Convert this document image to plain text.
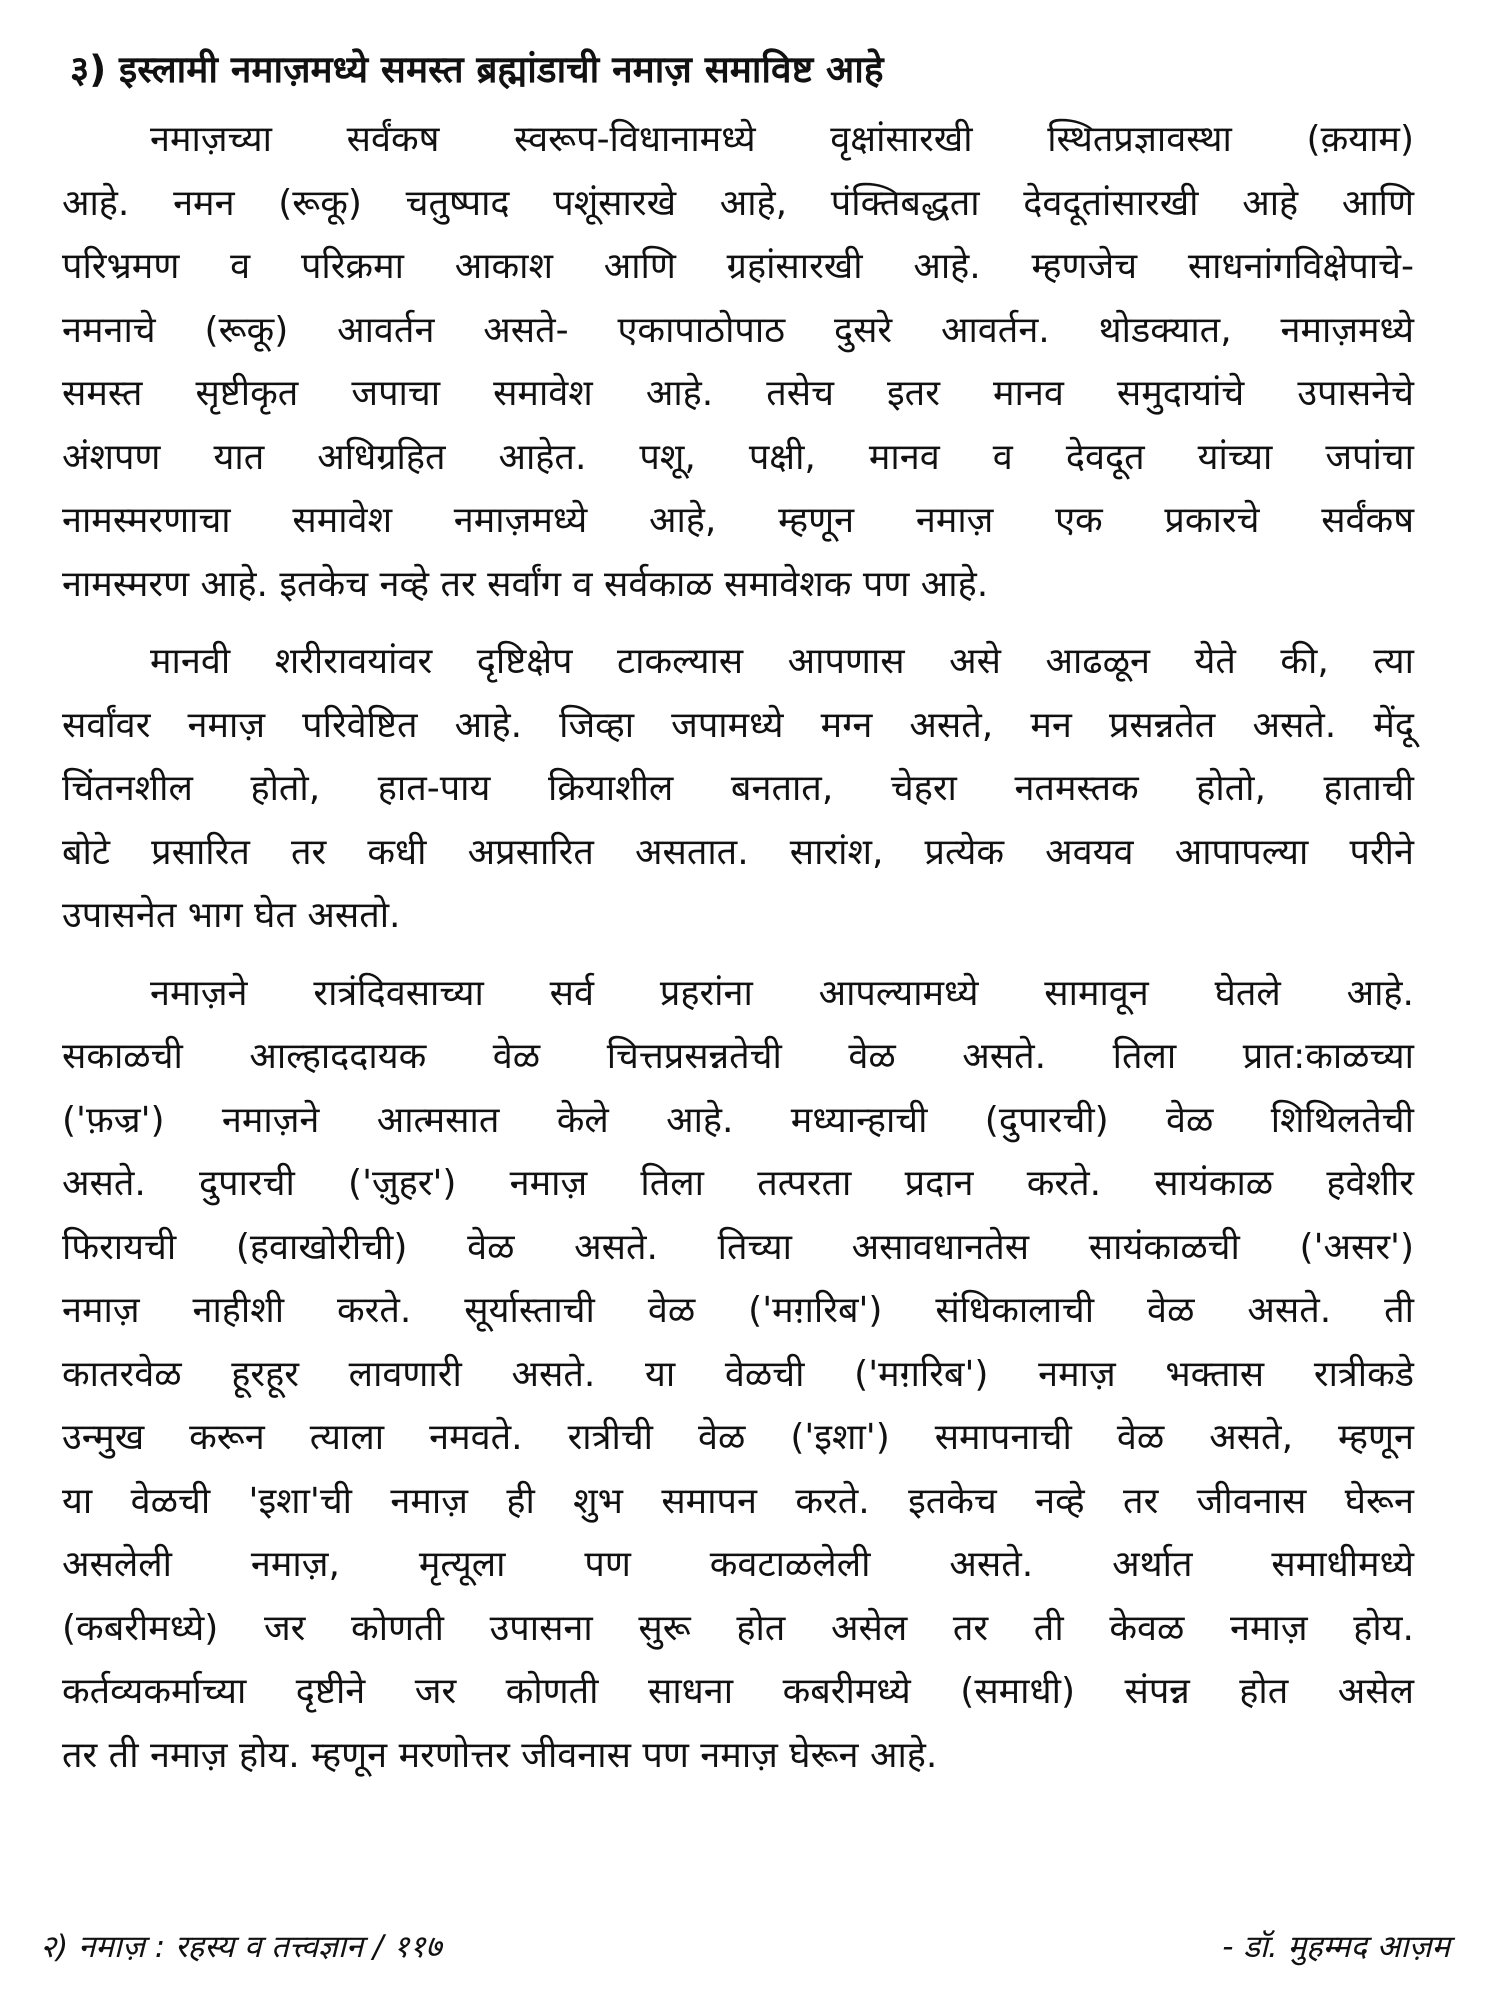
३) इस्लामी नमाज़मध्ये समस्त ब्रह्मांडाची नमाज़ समाविष्ट आहे
नमाज़च्या सर्वंकष स्वरूप-विधानामध्ये वृक्षांसारखी स्थितप्रज्ञावस्था (क़याम)
आहे. नमन (रूकू) चतुष्पाद पशूंसारखे आहे, पंक्तिबद्धता देवदूतांसारखी आहे आणि
परिभ्रमण व परिक्रमा आकाश आणि ग्रहांसारखी आहे. म्हणजेच साधनांगविक्षेपाचे-
नमनाचे (रूकू) आवर्तन असते- एकापाठोपाठ दुसरे आवर्तन. थोडक्यात, नमाज़मध्ये
समस्त सृष्टीकृत जपाचा समावेश आहे. तसेच इतर मानव समुदायांचे उपासनेचे
अंशपण यात अधिग्रहित आहेत. पशू, पक्षी, मानव व देवदूत यांच्या जपांचा
नामस्मरणाचा समावेश नमाज़मध्ये आहे, म्हणून नमाज़ एक प्रकारचे सर्वंकष
नामस्मरण आहे. इतकेच नव्हे तर सर्वांग व सर्वकाळ समावेशक पण आहे.
मानवी शरीरावयांवर दृष्टिक्षेप टाकल्यास आपणास असे आढळून येते की, त्या
सर्वांवर नमाज़ परिवेष्टित आहे. जिव्हा जपामध्ये मग्न असते, मन प्रसन्नतेत असते. मेंदू
चिंतनशील होतो, हात-पाय क्रियाशील बनतात, चेहरा नतमस्तक होतो, हाताची
बोटे प्रसारित तर कधी अप्रसारित असतात. सारांश, प्रत्येक अवयव आपापल्या परीने
उपासनेत भाग घेत असतो.
नमाज़ने रात्रंदिवसाच्या सर्व प्रहरांना आपल्यामध्ये सामावून घेतले आहे.
सकाळची आल्हाददायक वेळ चित्तप्रसन्नतेची वेळ असते. तिला प्रात:काळच्या
('फ़ज्र') नमाज़ने आत्मसात केले आहे. मध्यान्हाची (दुपारची) वेळ शिथिलतेची
असते. दुपारची ('ज़ुहर') नमाज़ तिला तत्परता प्रदान करते. सायंकाळ हवेशीर
फिरायची (हवाखोरीची) वेळ असते. तिच्या असावधानतेस सायंकाळची ('असर')
नमाज़ नाहीशी करते. सूर्यास्ताची वेळ ('मग़रिब') संधिकालाची वेळ असते. ती
कातरवेळ हूरहूर लावणारी असते. या वेळची ('मग़रिब') नमाज़ भक्तास रात्रीकडे
उन्मुख करून त्याला नमवते. रात्रीची वेळ ('इशा') समापनाची वेळ असते, म्हणून
या वेळची 'इशा'ची नमाज़ ही शुभ समापन करते. इतकेच नव्हे तर जीवनास घेरून
असलेली नमाज़, मृत्यूला पण कवटाळलेली असते. अर्थात समाधीमध्ये
(कबरीमध्ये) जर कोणती उपासना सुरू होत असेल तर ती केवळ नमाज़ होय.
कर्तव्यकर्माच्या दृष्टीने जर कोणती साधना कबरीमध्ये (समाधी) संपन्न होत असेल
तर ती नमाज़ होय. म्हणून मरणोत्तर जीवनास पण नमाज़ घेरून आहे.
२) नमाज़ : रहस्य व तत्त्वज्ञान / ११७	- डॉ. मुहम्मद आज़म
